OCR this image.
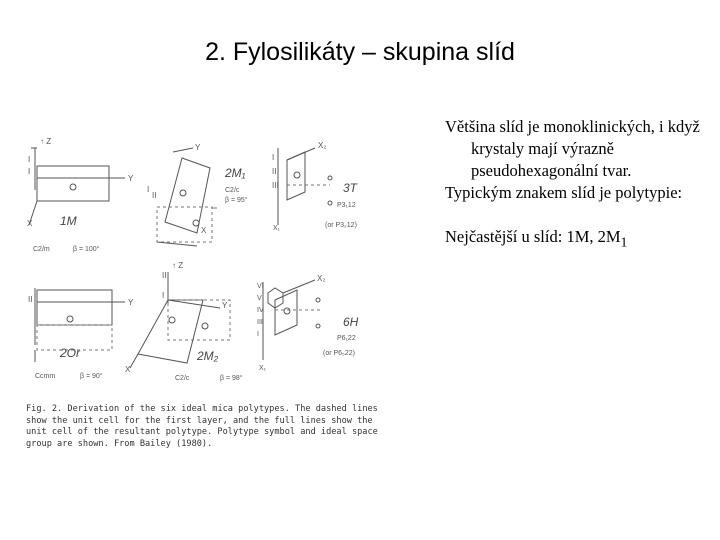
2. Fylosilikáty – skupina slíd
↑ Z
I
I
Y
X 1M
C2/m	β = 100°
Y
X
I
II
2M₁
C2/c
β = 95°
I
II
III
X₂
X₁
3T
P3₁12
(or P3₂12)
II	Y
2Or
Ccmm	β = 90°
↑ Z
II
I
Y
X
2M₂
C2/c	β = 98°
VI
V
IV
III
I
X₂
X₁
6H
P6₁22
(or P6₅22)
Fig. 2. Derivation of the six ideal mica polytypes. The dashed lines show the unit cell for the first layer, and the full lines show the unit cell of the resultant polytype. Polytype symbol and ideal space group are shown. From Bailey (1980).

Většina slíd je monoklinických, i když krystaly mají výrazně pseudohexagonální tvar.

Typickým znakem slíd je polytypie:

Nejčastější u slíd: 1M, $2M_1$
